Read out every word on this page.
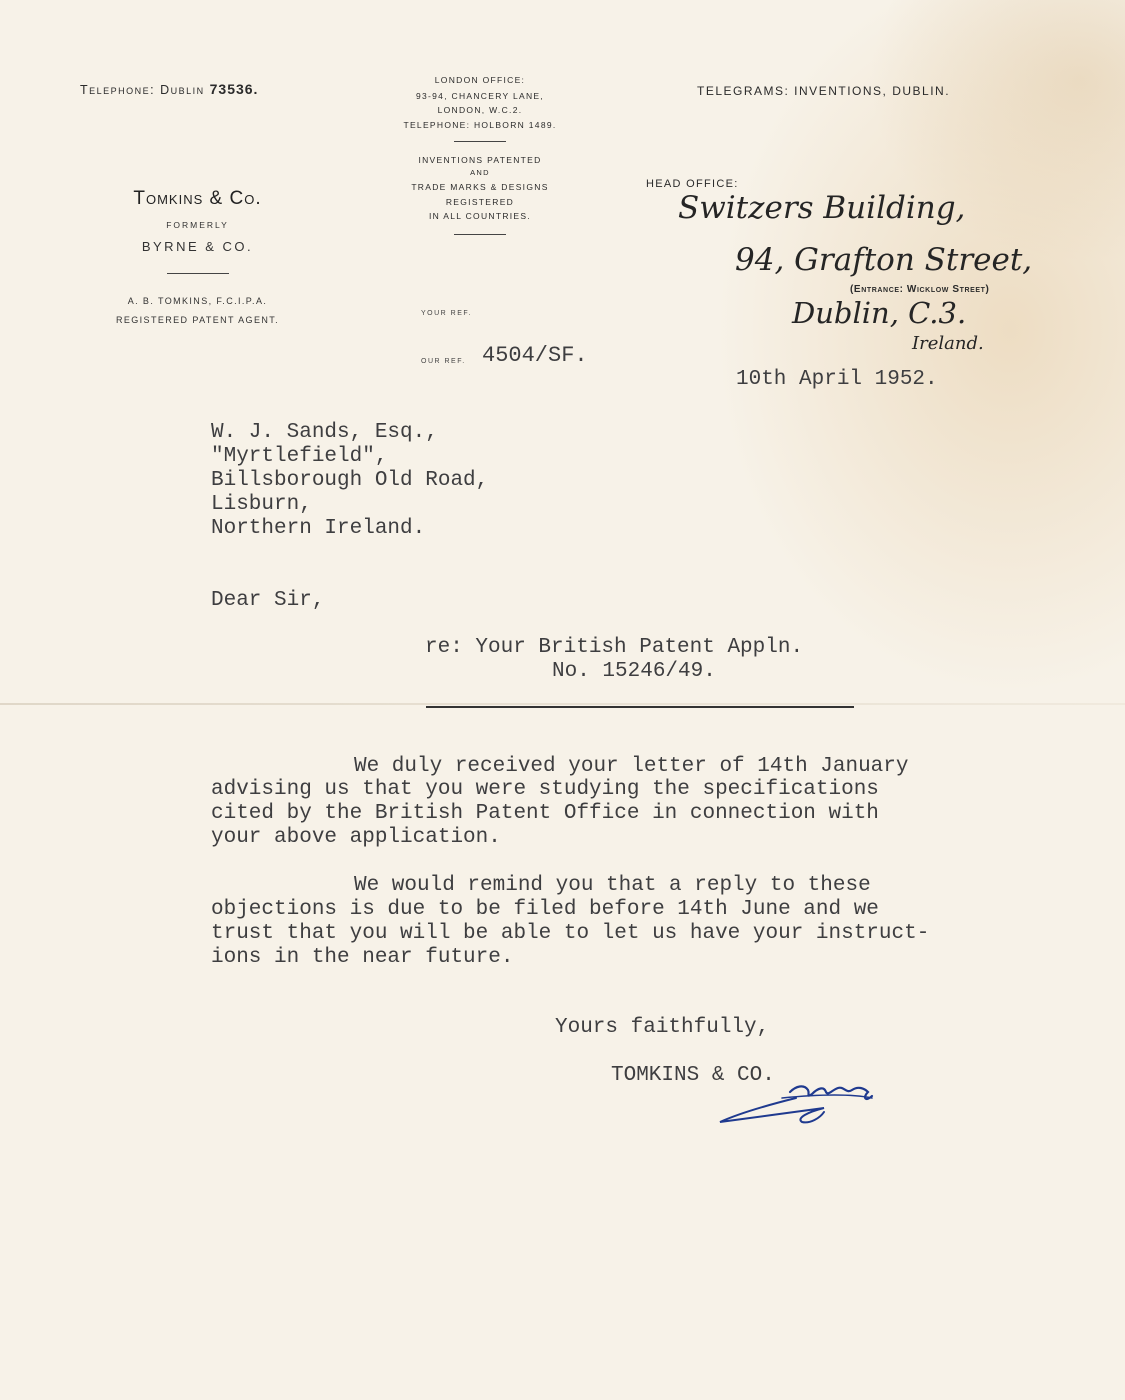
Telephone: Dublin 73536.
LONDON OFFICE:
93-94, CHANCERY LANE,
LONDON, W.C.2.
TELEPHONE: HOLBORN 1489.
INVENTIONS PATENTED
AND
TRADE MARKS & DESIGNS
REGISTERED
IN ALL COUNTRIES.
TELEGRAMS: INVENTIONS, DUBLIN.
Tomkins & Co.
FORMERLY
BYRNE & CO.
A. B. TOMKINS, F.C.I.P.A.
REGISTERED PATENT AGENT.
HEAD OFFICE:
Switzers Building,
94, Grafton Street,
(Entrance: Wicklow Street)
Dublin, C.3.
Ireland.
YOUR REF.
OUR REF. 4504/SF.
10th April 1952.
W. J. Sands, Esq.,
"Myrtlefield",
Billsborough Old Road,
Lisburn,
Northern Ireland.
Dear Sir,
re: Your British Patent Appln.
No. 15246/49.
We duly received your letter of 14th January
advising us that you were studying the specifications
cited by the British Patent Office in connection with
your above application.
We would remind you that a reply to these
objections is due to be filed before 14th June and we
trust that you will be able to let us have your instruct-
ions in the near future.
Yours faithfully,
TOMKINS & CO.
